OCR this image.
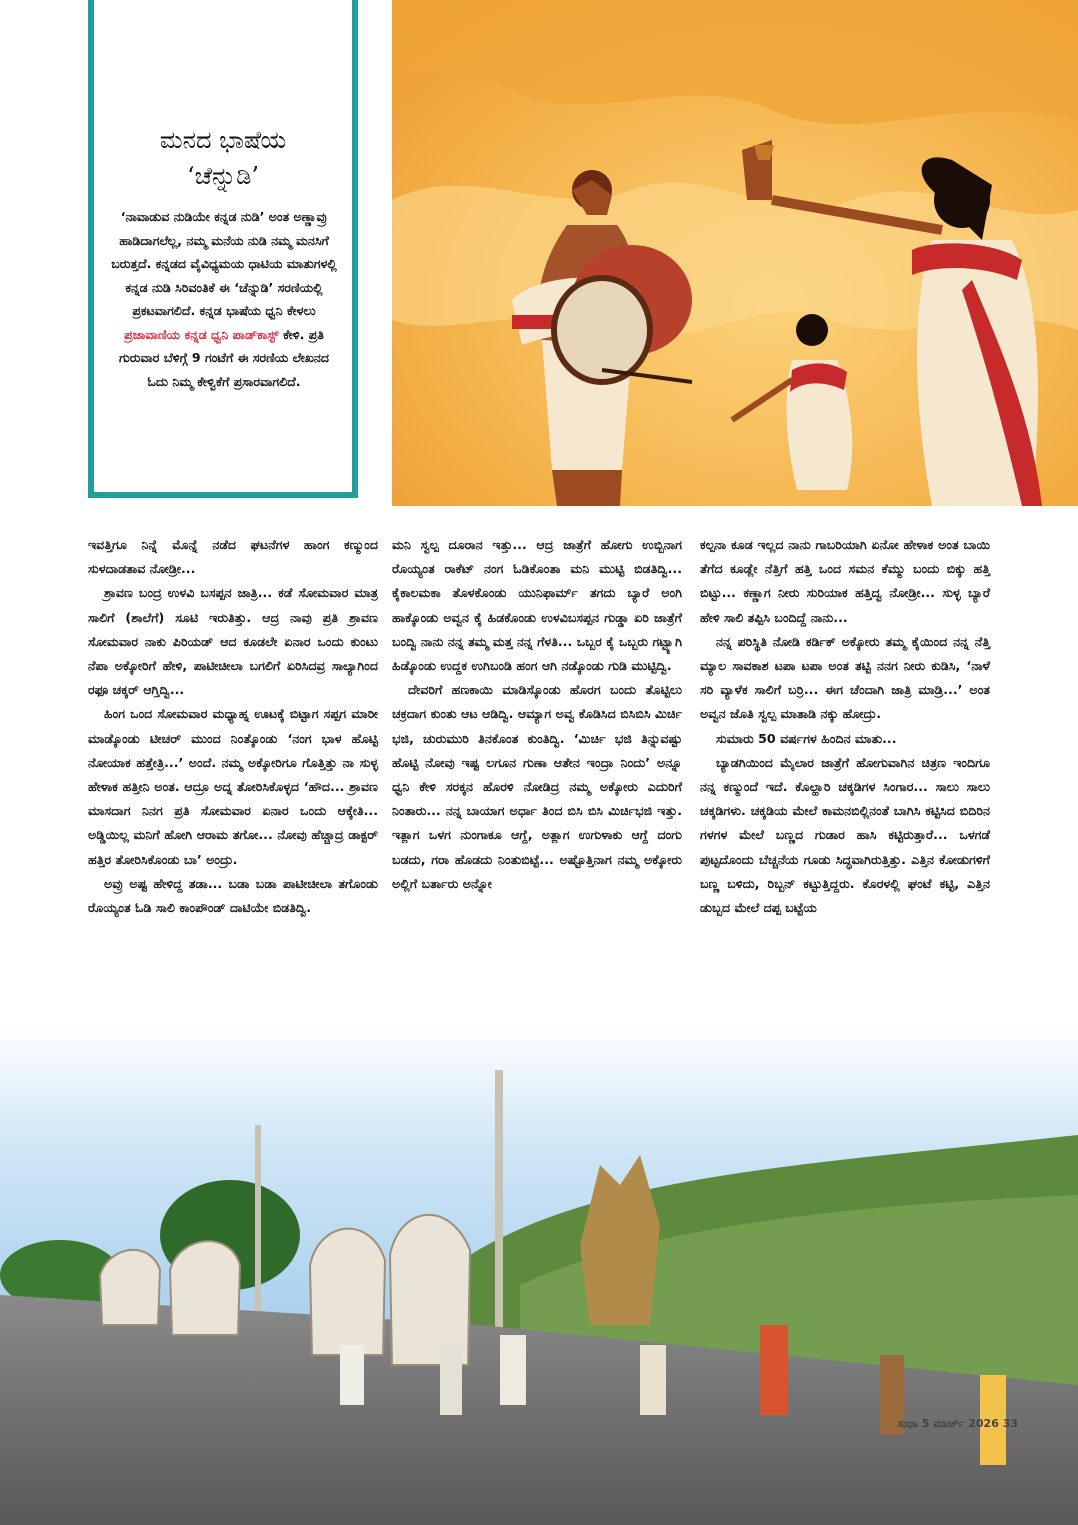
ಮನದ ಭಾಷೆಯ
‘ಚೆನ್ನುಡಿ’
‘ನಾವಾಡುವ ನುಡಿಯೇ ಕನ್ನಡ ನುಡಿ’ ಅಂತ ಅಣ್ಣಾವ್ರು ಹಾಡಿದಾಗಲೆಲ್ಲ, ನಮ್ಮ ಮನೆಯ ನುಡಿ ನಮ್ಮ ಮನಸಿಗೆ ಬರುತ್ತದೆ. ಕನ್ನಡದ ವೈವಿಧ್ಯಮಯ ಧಾಟಿಯ ಮಾತುಗಳಲ್ಲಿ ಕನ್ನಡ ನುಡಿ ಸಿರಿವಂತಿಕೆ ಈ ‘ಚೆನ್ನುಡಿ’ ಸರಣಿಯಲ್ಲಿ ಪ್ರಕಟವಾಗಲಿದೆ. ಕನ್ನಡ ಭಾಷೆಯ ಧ್ವನಿ ಕೇಳಲು ಪ್ರಜಾವಾಣಿಯ ಕನ್ನಡ ಧ್ವನಿ ಪಾಡ್‌ಕಾಸ್ಟ್ ಕೇಳಿ. ಪ್ರತಿ ಗುರುವಾರ ಬೆಳಿಗ್ಗೆ 9 ಗಂಟೆಗೆ ಈ ಸರಣಿಯ ಲೇಖನದ ಓದು ನಿಮ್ಮ ಕೇಳ್ವಿಕೆಗೆ ಪ್ರಸಾರವಾಗಲಿದೆ.

ಇವತ್ತಿಗೂ ನಿನ್ನೆ ಮೊನ್ನೆ ನಡೆದ ಘಟನೆಗಳ ಹಾಂಗ ಕಣ್ಮುಂದ ಸುಳದಾಡತಾವ ನೋಡ್ರೀ...

ಶ್ರಾವಣ ಬಂದ್ರ ಉಳವಿ ಬಸಪ್ಪನ ಜಾತ್ರಿ... ಕಡೆ ಸೋಮವಾರ ಮಾತ್ರ ಸಾಲಿಗೆ (ಶಾಲೆಗೆ) ಸೂಟಿ ಇರುತಿತ್ತು. ಆದ್ರ ನಾವು ಪ್ರತಿ ಶ್ರಾವಣ ಸೋಮವಾರ ನಾಕು ಪಿರಿಯಡ್ ಆದ ಕೂಡಲೇ ಏನಾರ ಒಂದು ಕುಂಟು ನೆಪಾ ಅಕ್ಕೋರಿಗೆ ಹೇಳಿ, ಪಾಟೀಚೀಲಾ ಬಗಲಿಗೆ ಏರಿಸಿದವ್ರ ಸಾಲ್ಯಾಗಿಂದ ರಫೂ ಚಕ್ಕರ್ ಆಗ್ತಿದ್ವಿ...

ಹಿಂಗ ಒಂದ ಸೋಮವಾರ ಮಧ್ಯಾಹ್ನ ಊಟಕ್ಕೆ ಬಿಟ್ಟಾಗ ಸಪ್ಪಗ ಮಾರೀ ಮಾಡ್ಕೊಂಡು ಟೀಚರ್ ಮುಂದ ನಿಂತ್ಕೊಂಡು ‘ನಂಗ ಭಾಳ ಹೊಟ್ಟಿ ನೋಯಾಕ ಹತ್ತೇತ್ರಿ...’ ಅಂದೆ. ನಮ್ಮ ಅಕ್ಕೋರಿಗೂ ಗೊತ್ತಿತ್ತು ನಾ ಸುಳ್ಳ ಹೇಳಾಕ ಹತ್ತೀನಿ ಅಂತ. ಆದ್ರೂ ಅದ್ನ ತೋರಿಸಿಕೊಳ್ಳದ ‘ಹೌದ... ಶ್ರಾವಣ ಮಾಸದಾಗ ನಿನಗ ಪ್ರತಿ ಸೋಮವಾರ ಏನಾರ ಒಂದು ಆಕ್ಕೇತಿ... ಅಡ್ಡಿಯಿಲ್ಲ ಮನಿಗೆ ಹೋಗಿ ಆರಾಮ ತಗೋ... ನೋವು ಹೆಚ್ಚಾದ್ರ ಡಾಕ್ಟರ್ ಹತ್ತಿರ ತೋರಿಸಿಕೊಂಡು ಬಾ’ ಅಂದ್ರು.

ಅವ್ರು ಅಷ್ಟ ಹೇಳಿದ್ದ ತಡಾ... ಬಡಾ ಬಡಾ ಪಾಟೀಚೀಲಾ ತಗೊಂಡು ರೊಯ್ಯಂತ ಓಡಿ ಸಾಲಿ ಕಾಂಪೌಂಡ್ ದಾಟಿಯೇ ಬಿಡತಿದ್ವಿ.

ಮನಿ ಸ್ವಲ್ಪ ದೂರಾನ ಇತ್ತು... ಆದ್ರ ಜಾತ್ರೆಗೆ ಹೋಗು ಉಬ್ಬಿನಾಗ ರೊಯ್ಯಂತ ರಾಕೆಟ್ ನಂಗ ಓಡಿಕೊಂತಾ ಮನಿ ಮುಟ್ಟಿ ಬಿಡತಿದ್ವಿ... ಕೈಕಾಲಮಕಾ ತೊಳಕೊಂಡು ಯುನಿಫಾರ್ಮ್ ತಗದು ಬ್ಯಾರೆ ಅಂಗಿ ಹಾಕ್ಕೊಂಡು ಅವ್ವನ ಕೈ ಹಿಡಕೊಂಡು ಉಳವಿಬಸಪ್ಪನ ಗುಡ್ಡಾ ಏರಿ ಜಾತ್ರೆಗೆ ಬಂದ್ವಿ ನಾನು ನನ್ನ ತಮ್ಮ ಮತ್ತ ನನ್ನ ಗೆಳತಿ... ಒಬ್ಬರ ಕೈ ಒಬ್ಬರು ಗಟ್ಟ್ಯಾಗಿ ಹಿಡ್ಕೊಂಡು ಉದ್ದಕ ಉಗಿಬಂಡಿ ಹಂಗ ಆಗಿ ನಡ್ಕೊಂಡು ಗುಡಿ ಮುಟ್ಟಿದ್ವಿ.

ದೇವರಿಗೆ ಹಣಕಾಯಿ ಮಾಡಿಸ್ಕೊಂಡು ಹೊರಗ ಬಂದು ತೊಟ್ಟಿಲು ಚಕ್ರದಾಗ ಕುಂತು ಆಟ ಆಡಿದ್ವಿ. ಆಮ್ಯಾಗ ಅವ್ವ ಕೊಡಿಸಿದ ಬಿಸಿಬಿಸಿ ಮಿರ್ಚಿ ಭಜಿ, ಚುರುಮುರಿ ತಿನಕೊಂತ ಕುಂತಿದ್ವಿ. ‘ಮಿರ್ಚಿ ಭಜಿ ತಿನ್ನುವಷ್ಟು ಹೊಟ್ಟಿ ನೋವು ಇಷ್ಟ ಲಗೂನ ಗುಣಾ ಆತೇನ ಇಂದ್ರಾ ನಿಂದು’ ಅನ್ನೂ ಧ್ವನಿ ಕೇಳಿ ಸರಕ್ಕನ ಹೊರಳಿ ನೋಡಿದ್ರ ನಮ್ಮ ಅಕ್ಕೋರು ಎದುರಿಗೆ ನಿಂತಾರು... ನನ್ನ ಬಾಯಾಗ ಅರ್ಧಾ ತಿಂದ ಬಿಸಿ ಬಿಸಿ ಮಿರ್ಚಿಭಜಿ ಇತ್ತು. ಇತ್ಲಾಗ ಒಳಗ ನುಂಗಾಕೂ ಆಗ್ದೆ, ಅತ್ಲಾಗ ಉಗುಳಾಕು ಆಗ್ದೆ ದಂಗು ಬಡದು, ಗರಾ ಹೊಡದು ನಿಂತುಬಿಟ್ಟೆ... ಅಷ್ಟೊತ್ತಿನಾಗ ನಮ್ಮ ಅಕ್ಕೋರು ಅಲ್ಲಿಗೆ ಬರ್ತಾರು ಅನ್ನೋ

ಕಲ್ಪನಾ ಕೂಡ ಇಲ್ಲದ ನಾನು ಗಾಬರಿಯಾಗಿ ಏನೋ ಹೇಳಾಕ ಅಂತ ಬಾಯಿ ತೆಗೆದ ಕೂಡ್ಲೇ ನೆತ್ತಿಗೆ ಹತ್ತಿ ಒಂದ ಸಮನ ಕೆಮ್ಮು ಬಂದು ಬಿಕ್ಕು ಹತ್ತಿ ಬಿಟ್ಟು... ಕಣ್ಣಾಗ ನೀರು ಸುರಿಯಾಕ ಹತ್ತಿದ್ವ ನೋಡ್ರೀ... ಸುಳ್ಳ ಬ್ಯಾರೆ ಹೇಳಿ ಸಾಲಿ ತಪ್ಪಿಸಿ ಬಂದಿದ್ದೆ ನಾನು...

ನನ್ನ ಪರಿಸ್ಥಿತಿ ನೋಡಿ ಕರ್ಡಿಕ್ ಅಕ್ಕೋರು ತಮ್ಮ ಕೈಯಿಂದ ನನ್ನ ನೆತ್ತಿ ಮ್ಯಾಲ ಸಾವಕಾಶ ಟಪಾ ಟಪಾ ಅಂತ ತಟ್ಟಿ ನನಗ ನೀರು ಕುಡಿಸಿ, ‘ನಾಳೆ ಸರಿ ವ್ಯಾಳೆಕ ಸಾಲಿಗೆ ಬರ್ರಿ... ಈಗ ಚೆಂದಾಗಿ ಜಾತ್ರಿ ಮಾಡ್ರಿ...’ ಅಂತ ಅವ್ವನ ಜೊತಿ ಸ್ವಲ್ಪ ಮಾತಾಡಿ ನಕ್ಕು ಹೋದ್ರು.

ಸುಮಾರು 50 ವರ್ಷಗಳ ಹಿಂದಿನ ಮಾತು...

ಬ್ಯಾಡಗಿಯಿಂದ ಮೈಲಾರ ಜಾತ್ರೆಗೆ ಹೋಗುವಾಗಿನ ಚಿತ್ರಣ ಇಂದಿಗೂ ನನ್ನ ಕಣ್ಮುಂದೆ ಇದೆ. ಕೊಲ್ಹಾರಿ ಚಕ್ಕಡಿಗಳ ಸಿಂಗಾರ... ಸಾಲು ಸಾಲು ಚಕ್ಕಡಿಗಳು. ಚಕ್ಕಡಿಯ ಮೇಲೆ ಕಾಮನಬಿಲ್ಲಿನಂತೆ ಬಾಗಿಸಿ ಕಟ್ಟಿಸಿದ ಬಿದಿರಿನ ಗಳಗಳ ಮೇಲೆ ಬಣ್ಣದ ಗುಡಾರ ಹಾಸಿ ಕಟ್ಟಿರುತ್ತಾರೆ... ಒಳಗಡೆ ಪುಟ್ಟದೊಂದು ಬೆಚ್ಚನೆಯ ಗೂಡು ಸಿದ್ಧವಾಗಿರುತ್ತಿತ್ತು. ಎತ್ತಿನ ಕೋಡುಗಳಿಗೆ ಬಣ್ಣ ಬಳಿದು, ರಿಬ್ಬನ್ ಕಟ್ಟುತ್ತಿದ್ದರು. ಕೊರಳಲ್ಲಿ ಘಂಟೆ ಕಟ್ಟಿ, ಎತ್ತಿನ ಡುಬ್ಬದ ಮೇಲೆ ದಪ್ಪ ಬಟ್ಟೆಯ

ಸುಧಾ 5 ಮಾರ್ಚ್ 2026 33
